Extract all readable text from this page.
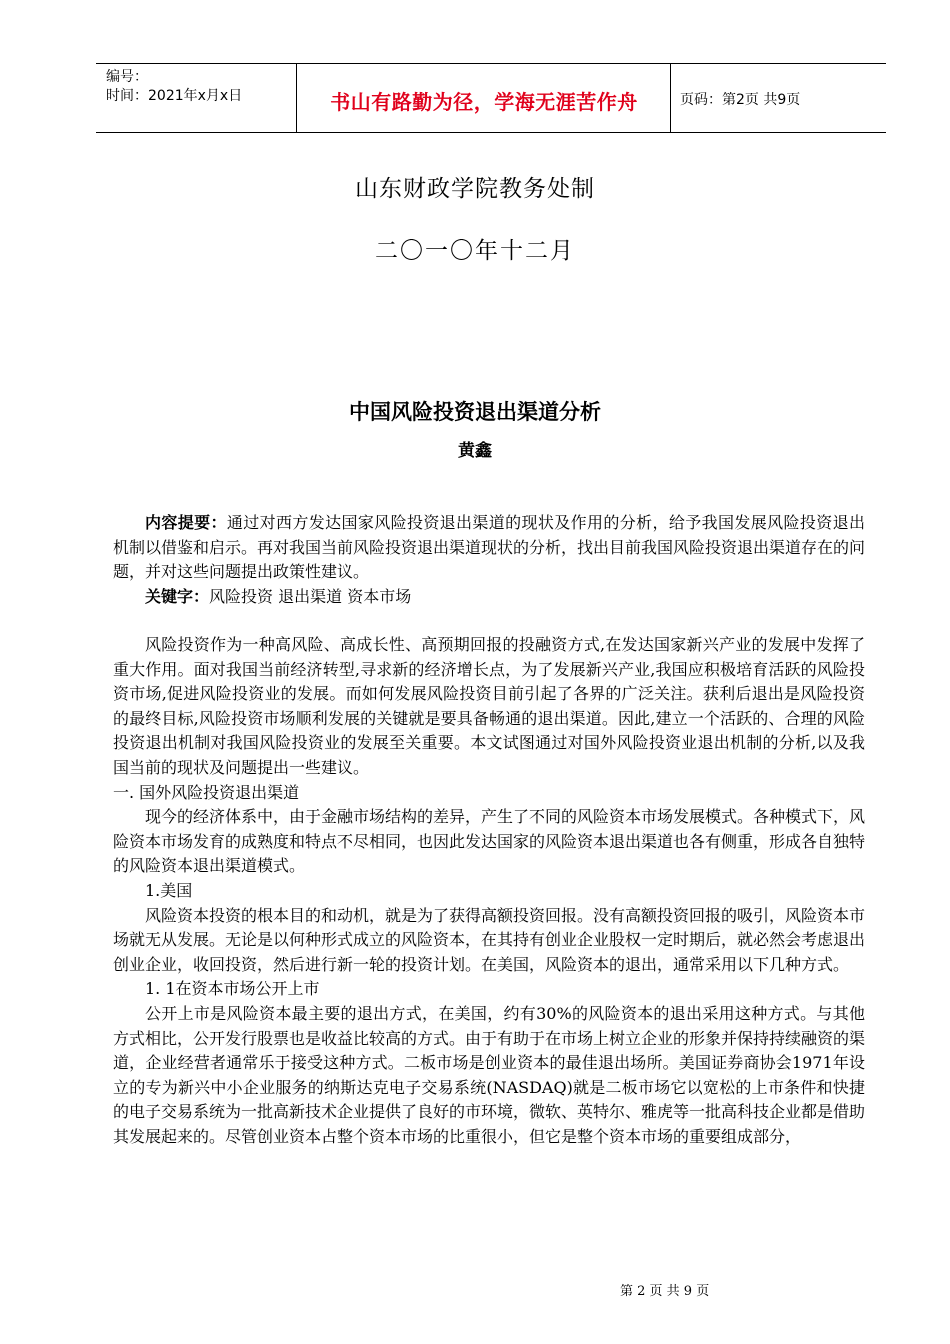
编号：
时间：2021年x月x日	书山有路勤为径，学海无涯苦作舟	页码：第2页 共9页
山东财政学院教务处制
二〇一〇年十二月
中国风险投资退出渠道分析
黄鑫

内容提要：通过对西方发达国家风险投资退出渠道的现状及作用的分析，给予我国发展风险投资退出机制以借鉴和启示。再对我国当前风险投资退出渠道现状的分析，找出目前我国风险投资退出渠道存在的问题，并对这些问题提出政策性建议。

关键字：风险投资 退出渠道 资本市场

风险投资作为一种高风险、高成长性、高预期回报的投融资方式,在发达国家新兴产业的发展中发挥了重大作用。面对我国当前经济转型,寻求新的经济增长点，为了发展新兴产业,我国应积极培育活跃的风险投资市场,促进风险投资业的发展。而如何发展风险投资目前引起了各界的广泛关注。获利后退出是风险投资的最终目标,风险投资市场顺利发展的关键就是要具备畅通的退出渠道。因此,建立一个活跃的、合理的风险投资退出机制对我国风险投资业的发展至关重要。本文试图通过对国外风险投资业退出机制的分析,以及我国当前的现状及问题提出一些建议。

一. 国外风险投资退出渠道

现今的经济体系中，由于金融市场结构的差异，产生了不同的风险资本市场发展模式。各种模式下，风险资本市场发育的成熟度和特点不尽相同，也因此发达国家的风险资本退出渠道也各有侧重，形成各自独特的风险资本退出渠道模式。

1.美国

风险资本投资的根本目的和动机，就是为了获得高额投资回报。没有高额投资回报的吸引，风险资本市场就无从发展。无论是以何种形式成立的风险资本，在其持有创业企业股权一定时期后，就必然会考虑退出创业企业，收回投资，然后进行新一轮的投资计划。在美国，风险资本的退出，通常采用以下几种方式。

1. 1在资本市场公开上市

公开上市是风险资本最主要的退出方式，在美国，约有30%的风险资本的退出采用这种方式。与其他方式相比，公开发行股票也是收益比较高的方式。由于有助于在市场上树立企业的形象并保持持续融资的渠道，企业经营者通常乐于接受这种方式。二板市场是创业资本的最佳退出场所。美国证券商协会1971年设立的专为新兴中小企业服务的纳斯达克电子交易系统(NASDAQ)就是二板市场它以宽松的上市条件和快捷的电子交易系统为一批高新技术企业提供了良好的市环境，微软、英特尔、雅虎等一批高科技企业都是借助其发展起来的。尽管创业资本占整个资本市场的比重很小，但它是整个资本市场的重要组成部分，

第 2 页 共 9 页
